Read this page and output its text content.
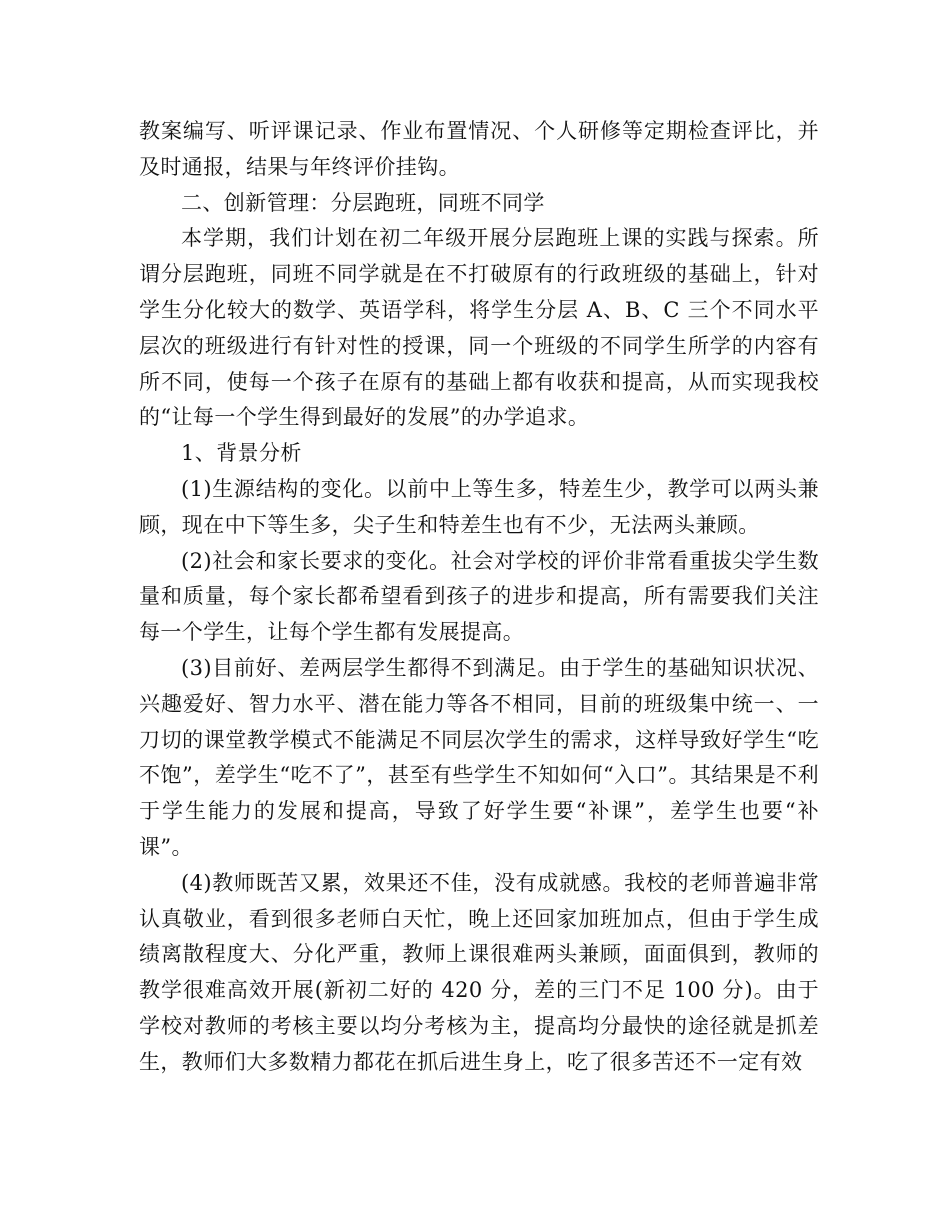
教案编写、听评课记录、作业布置情况、个人研修等定期检查评比，并及时通报，结果与年终评价挂钩。

二、创新管理：分层跑班，同班不同学

本学期，我们计划在初二年级开展分层跑班上课的实践与探索。所谓分层跑班，同班不同学就是在不打破原有的行政班级的基础上，针对学生分化较大的数学、英语学科，将学生分层 A、B、C 三个不同水平层次的班级进行有针对性的授课，同一个班级的不同学生所学的内容有所不同，使每一个孩子在原有的基础上都有收获和提高，从而实现我校的“让每一个学生得到最好的发展”的办学追求。

1、背景分析

(1)生源结构的变化。以前中上等生多，特差生少，教学可以两头兼顾，现在中下等生多，尖子生和特差生也有不少，无法两头兼顾。

(2)社会和家长要求的变化。社会对学校的评价非常看重拔尖学生数量和质量，每个家长都希望看到孩子的进步和提高，所有需要我们关注每一个学生，让每个学生都有发展提高。

(3)目前好、差两层学生都得不到满足。由于学生的基础知识状况、兴趣爱好、智力水平、潜在能力等各不相同，目前的班级集中统一、一刀切的课堂教学模式不能满足不同层次学生的需求，这样导致好学生“吃不饱”，差学生“吃不了”，甚至有些学生不知如何“入口”。其结果是不利于学生能力的发展和提高，导致了好学生要“补课”，差学生也要“补课”。

(4)教师既苦又累，效果还不佳，没有成就感。我校的老师普遍非常认真敬业，看到很多老师白天忙，晚上还回家加班加点，但由于学生成绩离散程度大、分化严重，教师上课很难两头兼顾，面面俱到，教师的教学很难高效开展(新初二好的 420 分，差的三门不足 100 分)。由于学校对教师的考核主要以均分考核为主，提高均分最快的途径就是抓差生，教师们大多数精力都花在抓后进生身上，吃了很多苦还不一定有效
